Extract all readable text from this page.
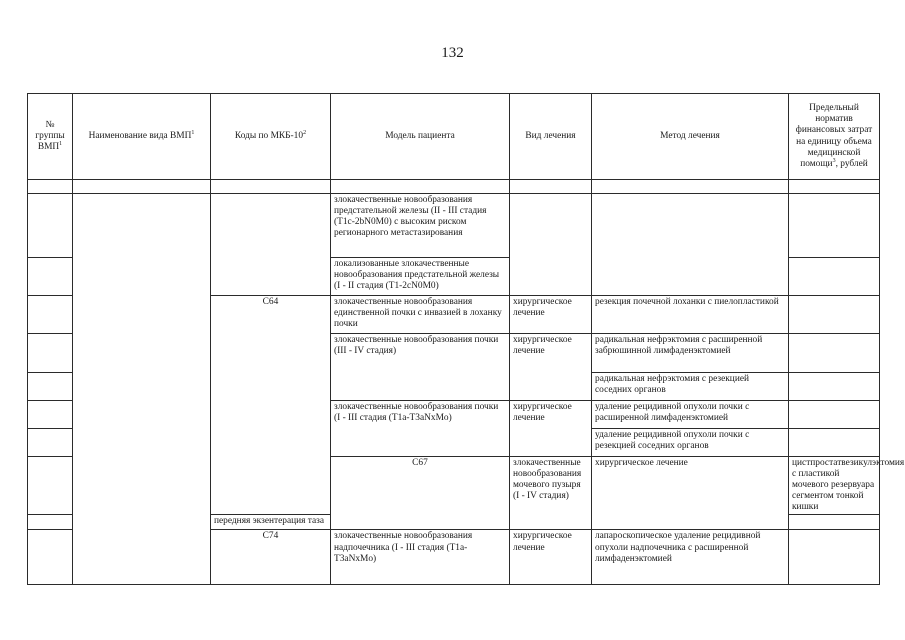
132
№ группы ВМП$^1$	Наименование вида ВМП$^1$	Коды по МКБ-$10^2$	Модель пациента	Вид лечения	Метод лечения	Предельный норматив финансовых затрат на единицу объема медицинской помощи$^3$, рублей	

			злокачественные новообразования предстательной железы (II - III стадия (T1c-2bN0M0) с высоким риском регионарного метастазирования				
			локализованные злокачественные новообразования предстательной железы (I - II стадия (T1-2cN0M0)				
		C64	злокачественные новообразования единственной почки с инвазией в лоханку почки	хирургическое лечение	резекция почечной лоханки с пиелопластикой		
			злокачественные новообразования почки (III - IV стадия)	хирургическое лечение	радикальная нефрэктомия с расширенной забрюшинной лимфаденэктомией		
					радикальная нефрэктомия с резекцией соседних органов		
			злокачественные новообразования почки (I - III стадия (T1a-T3aNxMo)	хирургическое лечение	удаление рецидивной опухоли почки с расширенной лимфаденэктомией		
					удаление рецидивной опухоли почки с резекцией соседних органов		
			C67	злокачественные новообразования мочевого пузыря (I - IV стадия)	хирургическое лечение	цистпростатвезикулэктомия с пластикой мочевого резервуара сегментом тонкой кишки	
		передняя экзентерация таза					
		C74	злокачественные новообразования надпочечника (I - III стадия (T1a-T3aNxMo)	хирургическое лечение	лапароскопическое удаление рецидивной опухоли надпочечника с расширенной лимфаденэктомией		
